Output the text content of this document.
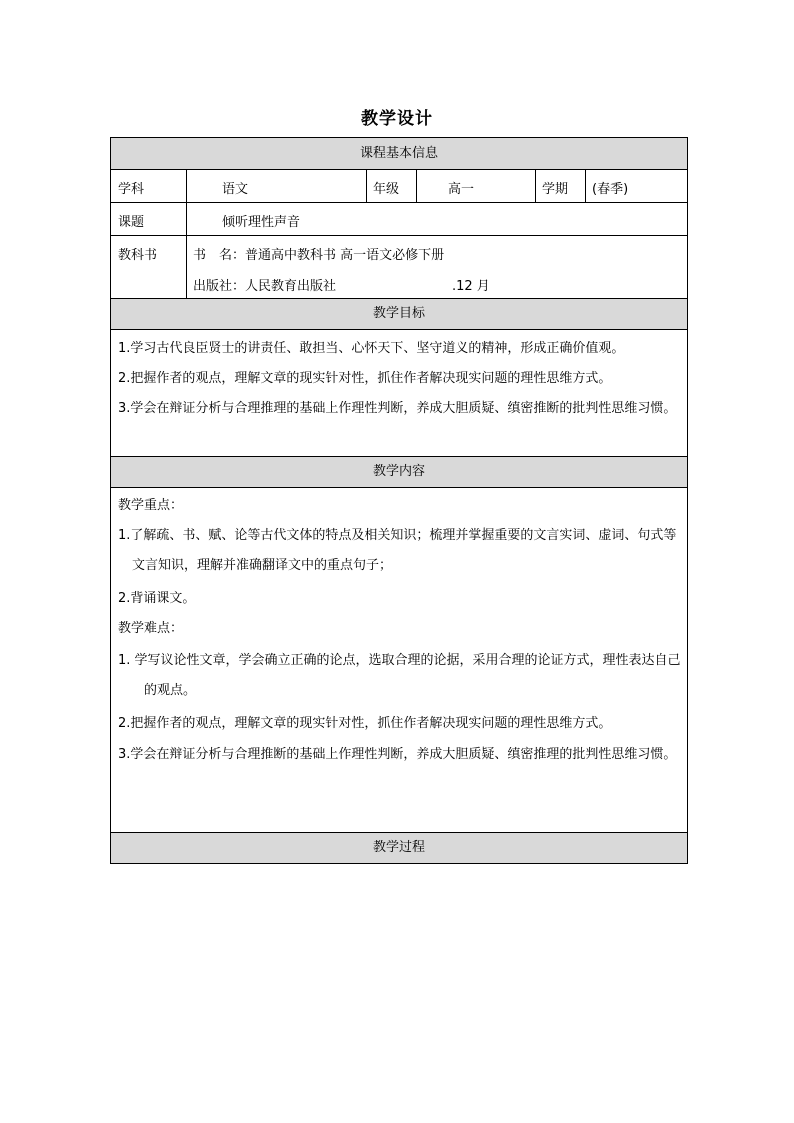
教学设计
课程基本信息
学科	语文	年级	高一	学期 (春季)
课题	倾听理性声音
教科书	书　名：普通高中教科书 高一语文必修下册
出版社：人民教育出版社	.12 月
教学目标
1.学习古代良臣贤士的讲责任、敢担当、心怀天下、坚守道义的精神，形成正确价值观。
2.把握作者的观点，理解文章的现实针对性，抓住作者解决现实问题的理性思维方式。
3.学会在辩证分析与合理推理的基础上作理性判断，养成大胆质疑、缜密推断的批判性思维习惯。
教学内容
教学重点：
1.了解疏、书、赋、论等古代文体的特点及相关知识；梳理并掌握重要的文言实词、虚词、句式等文言知识，理解并准确翻译文中的重点句子；
2.背诵课文。
教学难点：
1. 学写议论性文章，学会确立正确的论点，选取合理的论据，采用合理的论证方式，理性表达自己的观点。
2.把握作者的观点，理解文章的现实针对性，抓住作者解决现实问题的理性思维方式。
3.学会在辩证分析与合理推断的基础上作理性判断，养成大胆质疑、缜密推理的批判性思维习惯。
教学过程
